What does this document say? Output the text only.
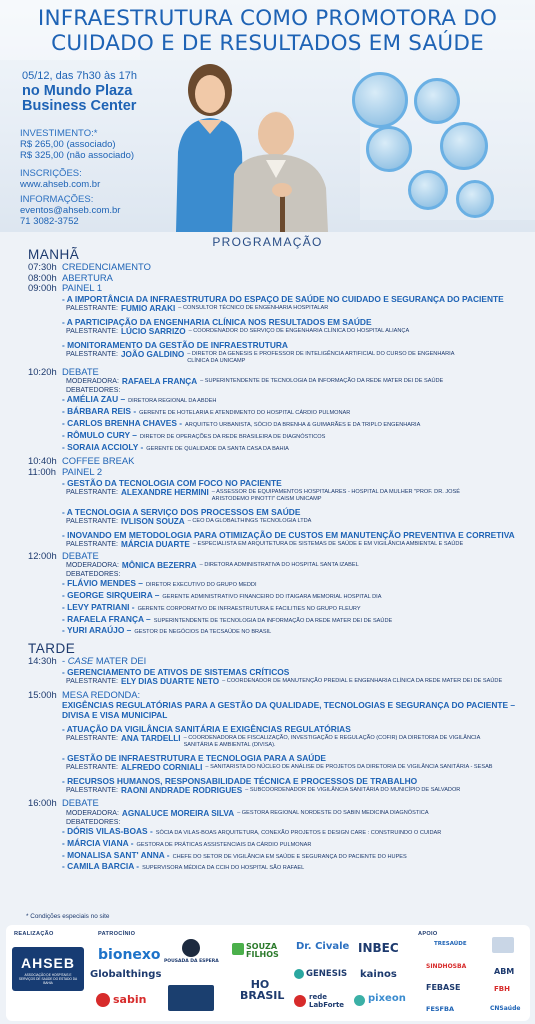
INFRAESTRUTURA COMO PROMOTORA DO
CUIDADO E DE RESULTADOS EM SAÚDE
05/12, das 7h30 às 17h
no Mundo Plaza Business Center
INVESTIMENTO:*
R$ 265,00 (associado)
R$ 325,00 (não associado)
INSCRIÇÕES:
www.ahseb.com.br
INFORMAÇÕES:
eventos@ahseb.com.br
71 3082-3752
PROGRAMAÇÃO
MANHÃ
07:30h CREDENCIAMENTO
08:00h ABERTURA
09:00h PAINEL 1
- A IMPORTÂNCIA DA INFRAESTRUTURA DO ESPAÇO DE SAÚDE NO CUIDADO E SEGURANÇA DO PACIENTE
PALESTRANTE: FUMIO ARAKI – CONSULTOR TÉCNICO DE ENGENHARIA HOSPITALAR
- A PARTICIPAÇÃO DA ENGENHARIA CLÍNICA NOS RESULTADOS EM SAÚDE
PALESTRANTE: LÚCIO SARRIZO – COORDENADOR DO SERVIÇO DE ENGENHARIA CLÍNICA DO HOSPITAL ALIANÇA
- MONITORAMENTO DA GESTÃO DE INFRAESTRUTURA
PALESTRANTE: JOÃO GALDINO – DIRETOR DA GENESIS E PROFESSOR DE INTELIGÊNCIA ARTIFICIAL DO CURSO DE ENGENHARIA CLÍNICA DA UNICAMP
10:20h DEBATE
MODERADORA: RAFAELA FRANÇA – SUPERINTENDENTE DE TECNOLOGIA DA INFORMAÇÃO DA REDE MATER DEI DE SAÚDE
DEBATEDORES:
- AMÉLIA ZAU – DIRETORA REGIONAL DA ABDEH
- BÁRBARA REIS - GERENTE DE HOTELARIA E ATENDIMENTO DO HOSPITAL CÁRDIO PULMONAR
- CARLOS BRENHA CHAVES - ARQUITETO URBANISTA, SÓCIO DA BRENHA & GUIMARÃES E DA TRIPLO ENGENHARIA
- RÔMULO CURY – DIRETOR DE OPERAÇÕES DA REDE BRASILEIRA DE DIAGNÓSTICOS
- SORAIA ACCIOLY - GERENTE DE QUALIDADE DA SANTA CASA DA BAHIA
10:40h COFFEE BREAK
11:00h PAINEL 2
- GESTÃO DA TECNOLOGIA COM FOCO NO PACIENTE
PALESTRANTE: ALEXANDRE HERMINI – ASSESSOR DE EQUIPAMENTOS HOSPITALARES - HOSPITAL DA MULHER "PROF. DR. JOSÉ ARISTODEMO PINOTTI" CAISM UNICAMP
- A TECNOLOGIA A SERVIÇO DOS PROCESSOS EM SAÚDE
PALESTRANTE: IVLISON SOUZA – CEO DA GLOBALTHINGS TECNOLOGIA LTDA
- INOVANDO EM METODOLOGIA PARA OTIMIZAÇÃO DE CUSTOS EM MANUTENÇÃO PREVENTIVA E CORRETIVA
PALESTRANTE: MÁRCIA DUARTE – ESPECIALISTA EM ARQUITETURA DE SISTEMAS DE SAÚDE E EM VIGILÂNCIA AMBIENTAL E SAÚDE
12:00h DEBATE
MODERADORA: MÔNICA BEZERRA – DIRETORA ADMINISTRATIVA DO HOSPITAL SANTA IZABEL
DEBATEDORES:
- FLÁVIO MENDES – DIRETOR EXECUTIVO DO GRUPO MEDDI
- GEORGE SIRQUEIRA – GERENTE ADMINISTRATIVO FINANCEIRO DO ITAIGARA MEMORIAL HOSPITAL DIA
- LEVY PATRIANI - GERENTE CORPORATIVO DE INFRAESTRUTURA E FACILITIES NO GRUPO FLEURY
- RAFAELA FRANÇA – SUPERINTENDENTE DE TECNOLOGIA DA INFORMAÇÃO DA REDE MATER DEI DE SAÚDE
- YURI ARAÚJO – GESTOR DE NEGÓCIOS DA TECSAÚDE NO BRASIL
TARDE
14:30h - CASE MATER DEI
- GERENCIAMENTO DE ATIVOS DE SISTEMAS CRÍTICOS
PALESTRANTE: ELY DIAS DUARTE NETO – COORDENADOR DE MANUTENÇÃO PREDIAL E ENGENHARIA CLÍNICA DA REDE MATER DEI DE SAÚDE
15:00h MESA REDONDA:
EXIGÊNCIAS REGULATÓRIAS PARA A GESTÃO DA QUALIDADE, TECNOLOGIAS E SEGURANÇA DO PACIENTE – DIVISA E VISA MUNICIPAL
- ATUAÇÃO DA VIGILÂNCIA SANITÁRIA E EXIGÊNCIAS REGULATÓRIAS
PALESTRANTE: ANA TARDELLI – COORDENADORA DE FISCALIZAÇÃO, INVESTIGAÇÃO E REGULAÇÃO (COFIR) DA DIRETORIA DE VIGILÂNCIA SANITÁRIA E AMBIENTAL (DIVISA).
- GESTÃO DE INFRAESTRUTURA E TECNOLOGIA PARA A SAÚDE
PALESTRANTE: ALFREDO CORNIALI – SANITARISTA DO NÚCLEO DE ANÁLISE DE PROJETOS DA DIRETORIA DE VIGILÂNCIA SANITÁRIA - SESAB
- RECURSOS HUMANOS, RESPONSABILIDADE TÉCNICA E PROCESSOS DE TRABALHO
PALESTRANTE: RAONI ANDRADE RODRIGUES – SUBCOORDENADOR DE VIGILÂNCIA SANITÁRIA DO MUNICÍPIO DE SALVADOR
16:00h DEBATE
MODERADORA: AGNALUCE MOREIRA SILVA – GESTORA REGIONAL NORDESTE DO SABIN MEDICINA DIAGNÓSTICA
DEBATEDORES:
- DÓRIS VILAS-BOAS - SÓCIA DA VILAS-BOAS ARQUITETURA, CONEXÃO PROJETOS E DESIGN CARE : CONSTRUINDO O CUIDAR
- MÁRCIA VIANA - GESTORA DE PRÁTICAS ASSISTENCIAIS DA CÁRDIO PULMONAR
- MONALISA SANT' ANNA - CHEFE DO SETOR DE VIGILÂNCIA EM SAÚDE E SEGURANÇA DO PACIENTE DO HUPES
- CAMILA BARCIA - SUPERVISORA MÉDICA DA CCIH DO HOSPITAL SÃO RAFAEL
* Condições especiais no site
REALIZAÇÃO	PATROCÍNIO	APOIO
AHSEB
ASSOCIAÇÃO DE HOSPITAIS E SERVIÇOS DE SAÚDE DO ESTADO DA BAHIA
bionexo
Globalthings
sabin
POUSADA DA ESPERA
SOUZA FILHOS
HO BRASIL
Dr. Civale
GENESIS
rede LabForte
INBEC
kainos
pixeon
TRESAÚDE
SINDHOSBA
FEBASE
FESFBA
ABM
FBH
CNSaúde
